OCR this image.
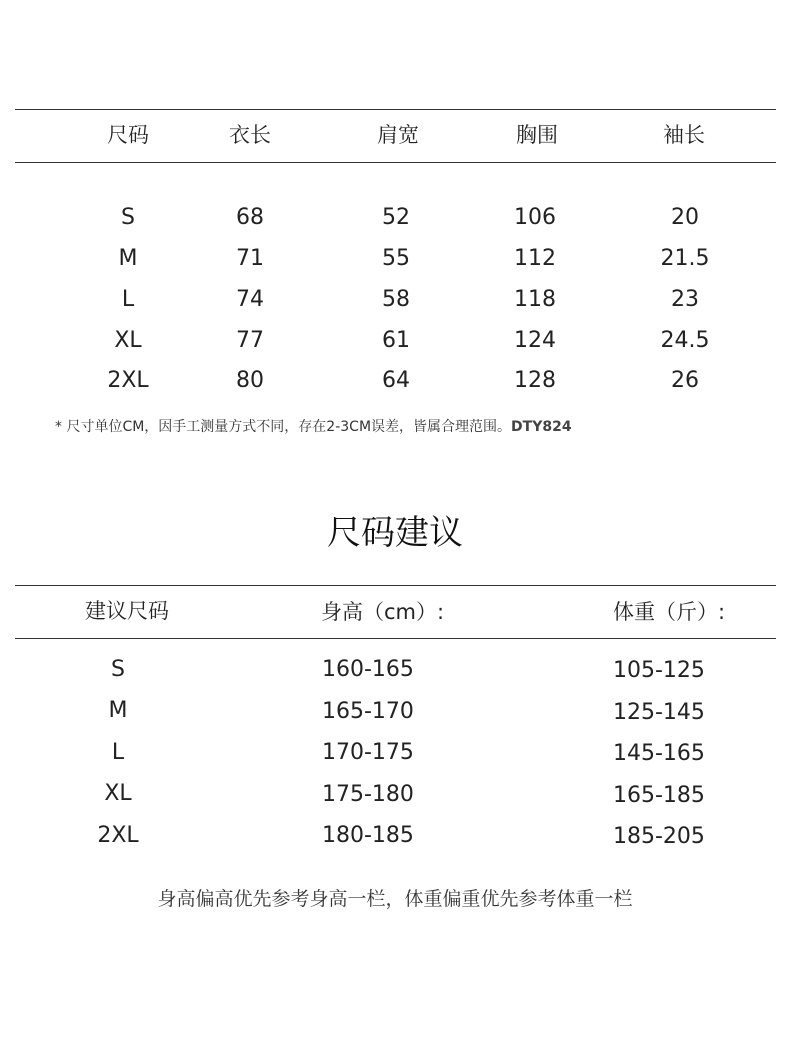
尺码	衣长	肩宽	胸围	袖长
S	68	52	106	20
M	71	55	112	21.5
L	74	58	118	23
XL	77	61	124	24.5
2XL	80	64	128	26
* 尺寸单位CM，因手工测量方式不同，存在2-3CM误差，皆属合理范围。DTY824
尺码建议
建议尺码	身高（cm）:	体重（斤）:
S	160-165	105-125
M	165-170	125-145
L	170-175	145-165
XL	175-180	165-185
2XL	180-185	185-205
身高偏高优先参考身高一栏，体重偏重优先参考体重一栏
